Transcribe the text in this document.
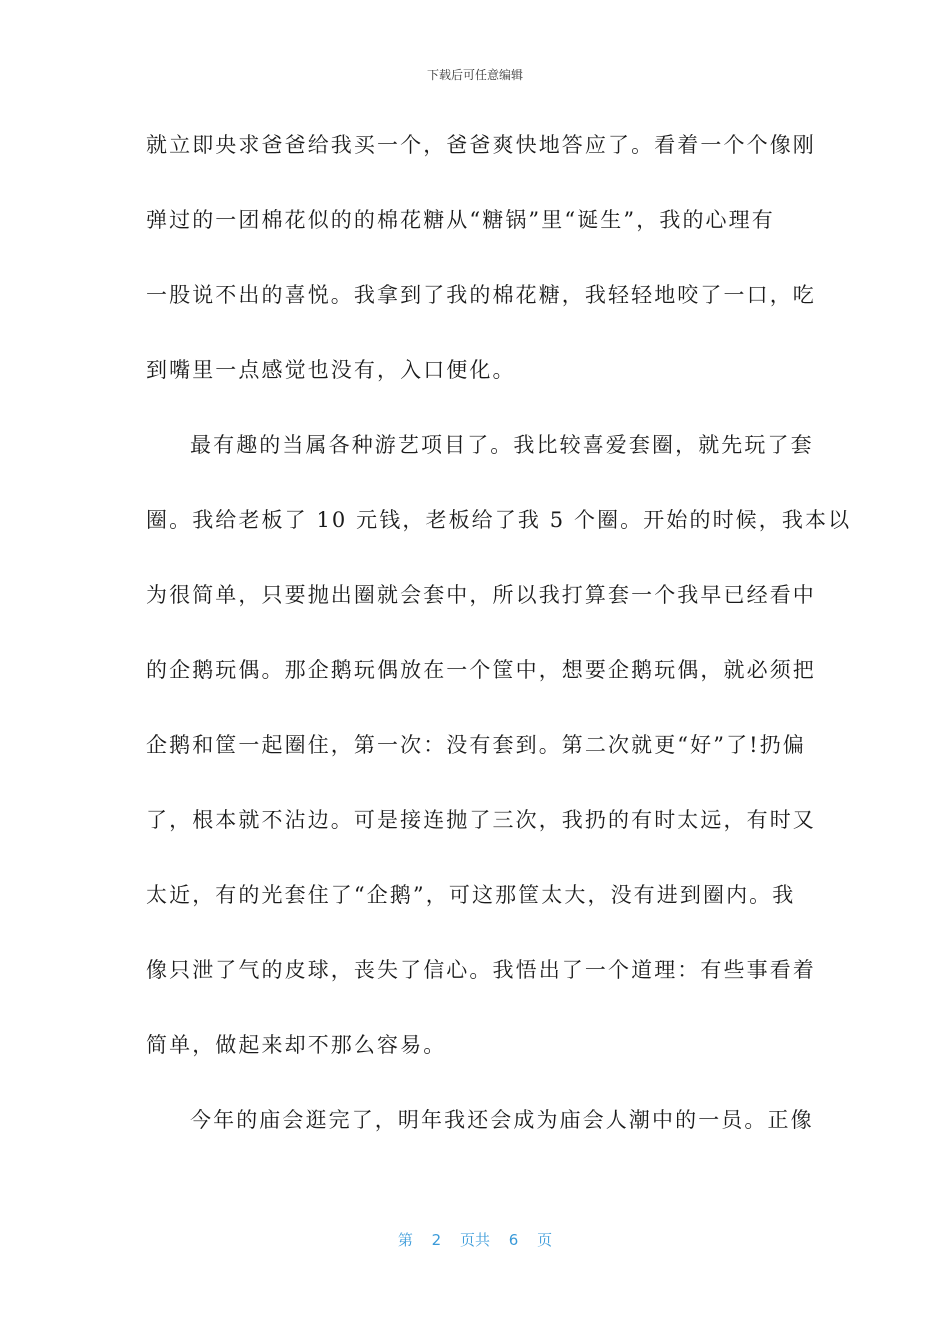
下载后可任意编辑
就立即央求爸爸给我买一个，爸爸爽快地答应了。看着一个个像刚
弹过的一团棉花似的的棉花糖从“糖锅”里“诞生”，我的心理有
一股说不出的喜悦。我拿到了我的棉花糖，我轻轻地咬了一口，吃
到嘴里一点感觉也没有，入口便化。
最有趣的当属各种游艺项目了。我比较喜爱套圈，就先玩了套
圈。我给老板了 10 元钱，老板给了我 5 个圈。开始的时候，我本以
为很简单，只要抛出圈就会套中，所以我打算套一个我早已经看中
的企鹅玩偶。那企鹅玩偶放在一个筐中，想要企鹅玩偶，就必须把
企鹅和筐一起圈住，第一次：没有套到。第二次就更“好”了!扔偏
了，根本就不沾边。可是接连抛了三次，我扔的有时太远，有时又
太近，有的光套住了“企鹅”，可这那筐太大，没有进到圈内。我
像只泄了气的皮球，丧失了信心。我悟出了一个道理：有些事看着
简单，做起来却不那么容易。
今年的庙会逛完了，明年我还会成为庙会人潮中的一员。正像
第 2 页共 6 页
